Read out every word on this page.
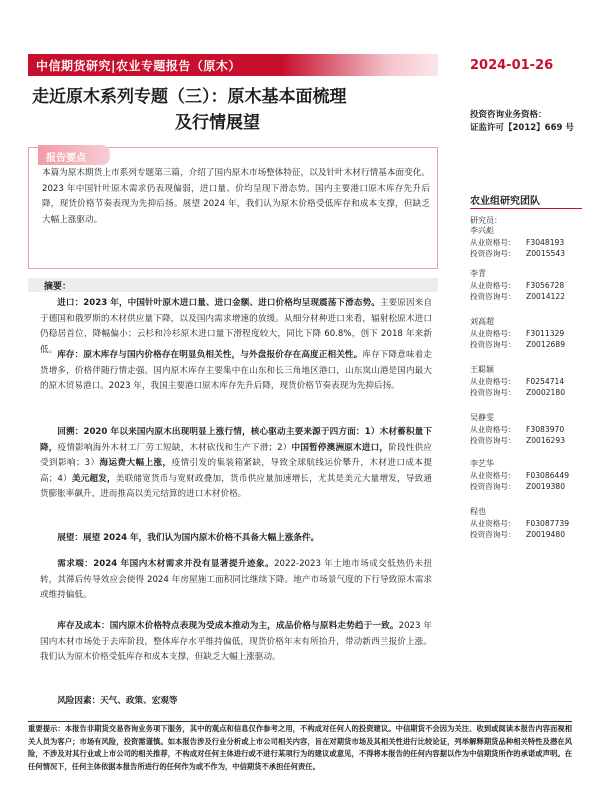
中信期货研究|农业专题报告（原木）	2024-01-26
走近原木系列专题（三）：原木基本面梳理
及行情展望	投资咨询业务资格：
证监许可【2012】669 号
报告要点
本篇为原木期货上市系列专题第三篇，介绍了国内原木市场整体特征，以及针叶木材行情基本面变化。2023 年中国针叶原木需求仍表现偏弱，进口量、价均呈现下滑态势。国内主要港口原木库存先升后降，现货价格节奏表现为先抑后扬。展望 2024 年，我们认为原木价格受低库存和成本支撑，但缺乏大幅上涨驱动。
摘要：
进口：2023 年，中国针叶原木进口量、进口金额、进口价格均呈现震荡下滑态势。主要原因来自于德国和俄罗斯的木材供应量下降，以及国内需求增速的放缓。从细分材种进口来看，辐射松原木进口仍稳居首位，降幅偏小；云杉和冷杉原木进口量下滑程度较大，同比下降 60.8%，创下 2018 年来新低。
库存：原木库存与国内价格存在明显负相关性，与外盘报价存在高度正相关性。库存下降意味着走货增多，价格伴随行情走强。国内原木库存主要集中在山东和长三角地区港口，山东岚山港是国内最大的原木贸易港口。2023 年，我国主要港口原木库存先升后降，现货价格节奏表现为先抑后扬。
回溯：2020 年以来国内原木出现明显上涨行情，核心驱动主要来源于四方面：1）木材蓄积量下降，疫情影响海外木材工厂劳工短缺，木材砍伐和生产下滑；2）中国暂停澳洲原木进口，阶段性供应受到影响；3）海运费大幅上涨，疫情引发的集装箱紧缺，导致全球航线运价攀升，木材进口成本提高；4）美元超发，美联储宽货币与宽财政叠加，货币供应量加速增长，尤其是美元大量增发，导致通货膨胀率飙升，进而推高以美元结算的进口木材价格。
展望：展望 2024 年，我们认为国内原木价格不具备大幅上涨条件。
需求端：2024 年国内木材需求并没有显著提升迹象。2022-2023 年土地市场成交低热仍未扭转，其滞后传导效应会使得 2024 年房屋施工面积同比继续下降。地产市场景气度的下行导致原木需求或维持偏低。
库存及成本：国内原木价格特点表现为受成本推动为主，成品价格与原料走势趋于一致。2023 年国内木材市场处于去库阶段，整体库存水平维持偏低，现货价格年末有所抬升，带动新西兰报价上涨。我们认为原木价格受低库存和成本支撑，但缺乏大幅上涨驱动。
风险因素：天气、政策、宏观等
农业组研究团队
研究员：
李兴彪
从业资格号： F3048193
投资咨询号： Z0015543
李青
从业资格号： F3056728
投资咨询号： Z0014122
刘高超
从业资格号： F3011329
投资咨询号： Z0012689
王聪颖
从业资格号： F0254714
投资咨询号： Z0002180
吴静雯
从业资格号： F3083970
投资咨询号： Z0016293
李艺华
从业资格号： F03086449
投资咨询号： Z0019380
程也
从业资格号： F03087739
投资咨询号： Z0019480
重要提示：本报告非期货交易咨询业务项下服务，其中的观点和信息仅作参考之用，不构成对任何人的投资建议。中信期货不会因为关注、收到或阅读本报告内容而视相关人员为客户；市场有风险，投资需谨慎。如本报告涉及行业分析或上市公司相关内容，旨在对期货市场及其相关性进行比较论证，列举解释期货品种相关特性及潜在风险，不涉及对其行业或上市公司的相关推荐，不构成对任何主体进行或不进行某项行为的建议或意见，不得将本报告的任何内容据以作为中信期货所作的承诺或声明。在任何情况下，任何主体依据本报告所进行的任何作为或不作为，中信期货不承担任何责任。
